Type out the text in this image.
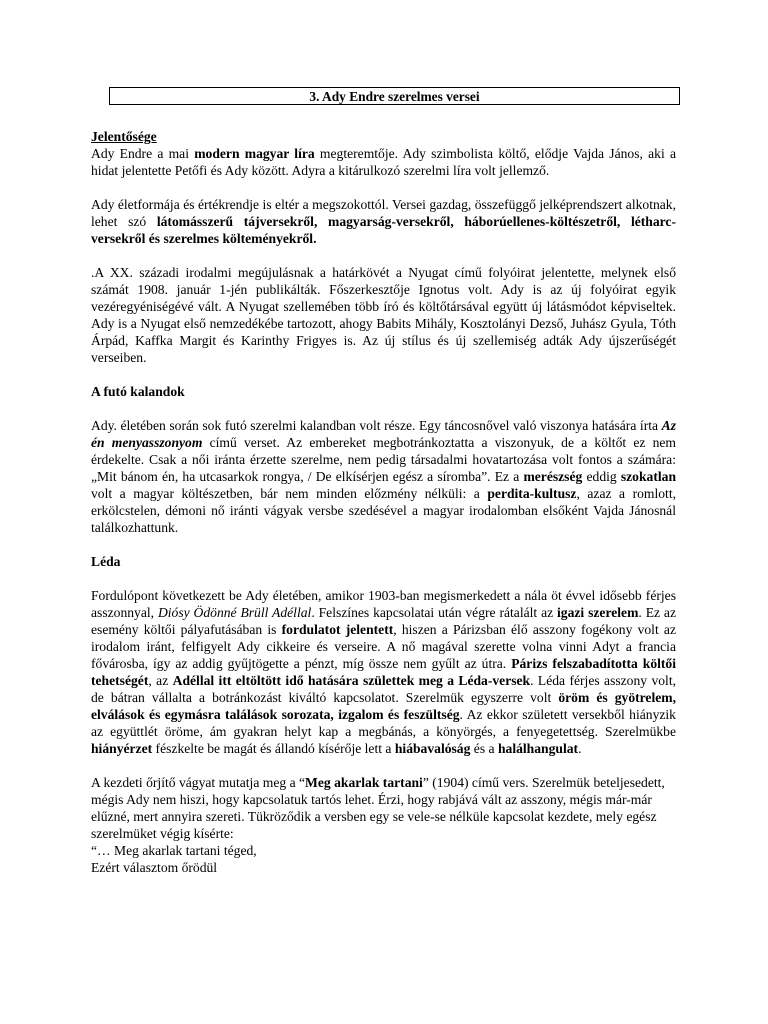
3. Ady Endre szerelmes versei
Jelentősége

Ady Endre a mai modern magyar líra megteremtője. Ady szimbolista költő, elődje Vajda János, aki a hidat jelentette Petőfi és Ady között. Adyra a kitárulkozó szerelmi líra volt jellemző.

Ady életformája és értékrendje is eltér a megszokottól. Versei gazdag, összefüggő jelképrendszert alkotnak, lehet szó látomásszerű tájversekről, magyarság-versekről, háborúellenes-költészetről, létharc-versekről és szerelmes költeményekről.

.A XX. századi irodalmi megújulásnak a határkövét a Nyugat című folyóirat jelentette, melynek első számát 1908. január 1-jén publikálták. Főszerkesztője Ignotus volt. Ady is az új folyóirat egyik vezéregyéniségévé vált. A Nyugat szellemében több író és költőtársával együtt új látásmódot képviseltek. Ady is a Nyugat első nemzedékébe tartozott, ahogy Babits Mihály, Kosztolányi Dezső, Juhász Gyula, Tóth Árpád, Kaffka Margit és Karinthy Frigyes is. Az új stílus és új szellemiség adták Ady újszerűségét verseiben.

A futó kalandok

Ady. életében során sok futó szerelmi kalandban volt része. Egy táncosnővel való viszonya hatására írta Az én menyasszonyom című verset. Az embereket megbotránkoztatta a viszonyuk, de a költőt ez nem érdekelte. Csak a női iránta érzette szerelme, nem pedig társadalmi hovatartozása volt fontos a számára: „Mit bánom én, ha utcasarkok rongya, / De elkísérjen egész a síromba”. Ez a merészség eddig szokatlan volt a magyar költészetben, bár nem minden előzmény nélküli: a perdita-kultusz, azaz a romlott, erkölcstelen, démoni nő iránti vágyak versbe szedésével a magyar irodalomban elsőként Vajda Jánosnál találkozhattunk.

Léda

Fordulópont következett be Ady életében, amikor 1903-ban megismerkedett a nála öt évvel idősebb férjes asszonnyal, Diósy Ödönné Brüll Adéllal. Felszínes kapcsolatai után végre rátalált az igazi szerelem. Ez az esemény költői pályafutásában is fordulatot jelentett, hiszen a Párizsban élő asszony fogékony volt az irodalom iránt, felfigyelt Ady cikkeire és verseire. A nő magával szerette volna vinni Adyt a francia fővárosba, így az addig gyűjtögette a pénzt, míg össze nem gyűlt az útra. Párizs felszabadította költői tehetségét, az Adéllal itt eltöltött idő hatására születtek meg a Léda-versek. Léda férjes asszony volt, de bátran vállalta a botránkozást kiváltó kapcsolatot. Szerelmük egyszerre volt öröm és gyötrelem, elválások és egymásra találások sorozata, izgalom és feszültség. Az ekkor született versekből hiányzik az együttlét öröme, ám gyakran helyt kap a megbánás, a könyörgés, a fenyegetettség. Szerelmükbe hiányérzet fészkelte be magát és állandó kísérője lett a hiábavalóság és a halálhangulat.

A kezdeti őrjítő vágyat mutatja meg a “Meg akarlak tartani” (1904) című vers. Szerelmük beteljesedett, mégis Ady nem hiszi, hogy kapcsolatuk tartós lehet. Érzi, hogy rabjává vált az asszony, mégis már-már elűzné, mert annyira szereti. Tükröződik a versben egy se vele-se nélküle kapcsolat kezdete, mely egész szerelmüket végig kísérte:

“… Meg akarlak tartani téged,
Ezért választom őrödül
